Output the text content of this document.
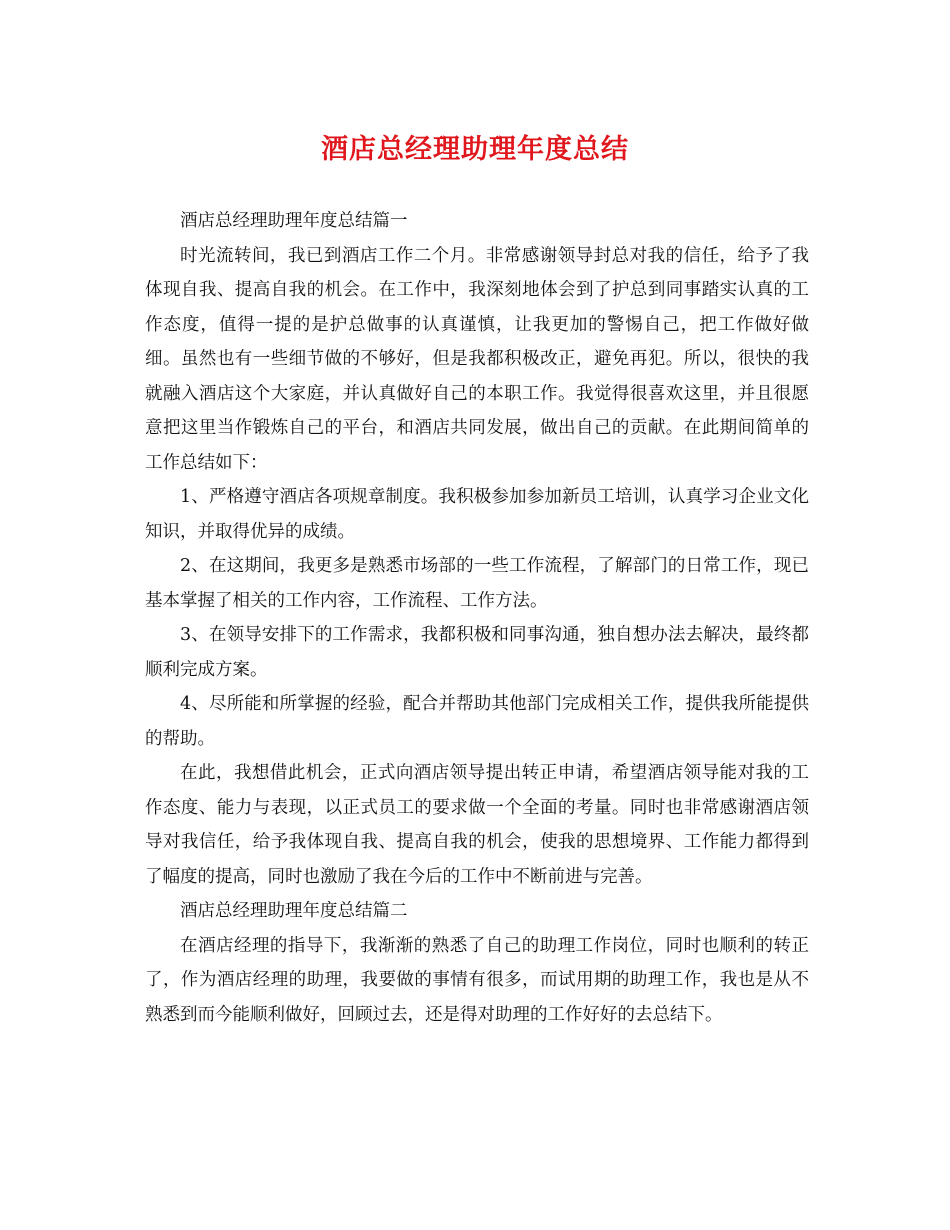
酒店总经理助理年度总结

酒店总经理助理年度总结篇一

时光流转间，我已到酒店工作二个月。非常感谢领导封总对我的信任，给予了我体现自我、提高自我的机会。在工作中，我深刻地体会到了护总到同事踏实认真的工作态度，值得一提的是护总做事的认真谨慎，让我更加的警惕自己，把工作做好做细。虽然也有一些细节做的不够好，但是我都积极改正，避免再犯。所以，很快的我就融入酒店这个大家庭，并认真做好自己的本职工作。我觉得很喜欢这里，并且很愿意把这里当作锻炼自己的平台，和酒店共同发展，做出自己的贡献。在此期间简单的工作总结如下：

1、严格遵守酒店各项规章制度。我积极参加参加新员工培训，认真学习企业文化知识，并取得优异的成绩。

2、在这期间，我更多是熟悉市场部的一些工作流程，了解部门的日常工作，现已基本掌握了相关的工作内容，工作流程、工作方法。

3、在领导安排下的工作需求，我都积极和同事沟通，独自想办法去解决，最终都顺利完成方案。

4、尽所能和所掌握的经验，配合并帮助其他部门完成相关工作，提供我所能提供的帮助。

在此，我想借此机会，正式向酒店领导提出转正申请，希望酒店领导能对我的工作态度、能力与表现，以正式员工的要求做一个全面的考量。同时也非常感谢酒店领导对我信任，给予我体现自我、提高自我的机会，使我的思想境界、工作能力都得到了幅度的提高，同时也激励了我在今后的工作中不断前进与完善。

酒店总经理助理年度总结篇二

在酒店经理的指导下，我渐渐的熟悉了自己的助理工作岗位，同时也顺利的转正了，作为酒店经理的助理，我要做的事情有很多，而试用期的助理工作，我也是从不熟悉到而今能顺利做好，回顾过去，还是得对助理的工作好好的去总结下。
